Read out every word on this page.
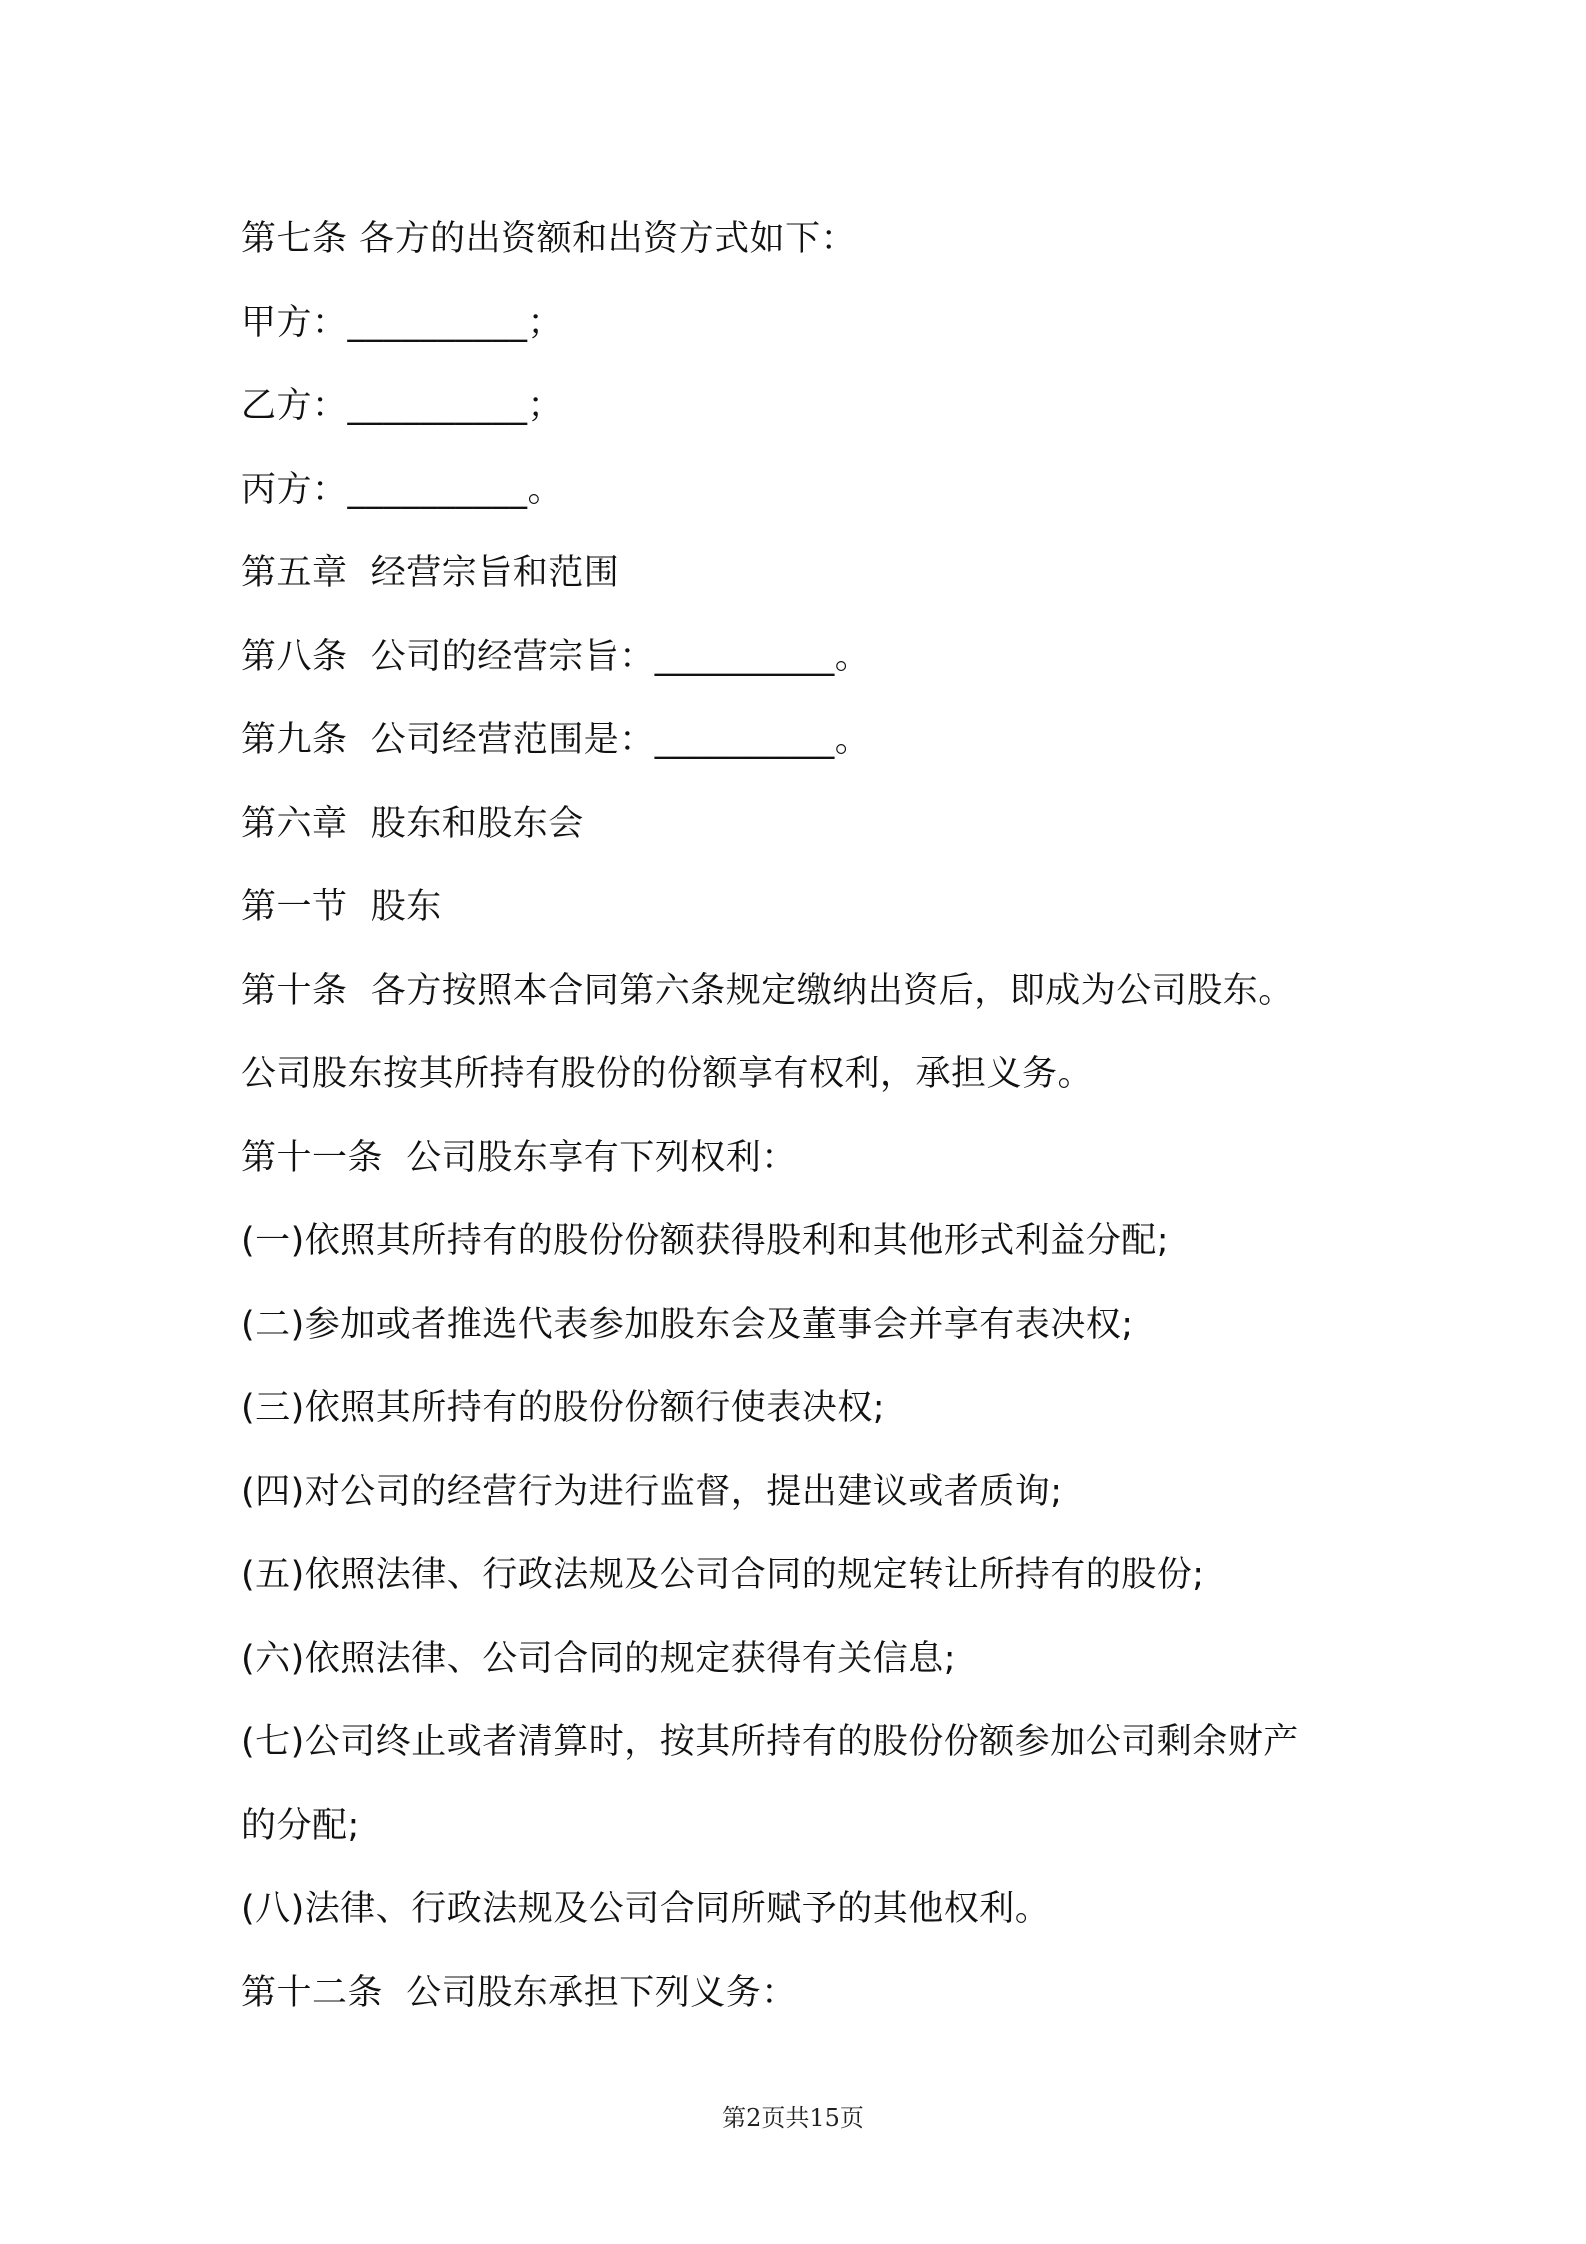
第七条 各方的出资额和出资方式如下：
甲方：__________；
乙方：__________；
丙方：__________。
第五章  经营宗旨和范围
第八条  公司的经营宗旨：__________。
第九条  公司经营范围是：__________。
第六章  股东和股东会
第一节  股东
第十条  各方按照本合同第六条规定缴纳出资后，即成为公司股东。
公司股东按其所持有股份的份额享有权利，承担义务。
第十一条  公司股东享有下列权利：
(一)依照其所持有的股份份额获得股利和其他形式利益分配;
(二)参加或者推选代表参加股东会及董事会并享有表决权;
(三)依照其所持有的股份份额行使表决权;
(四)对公司的经营行为进行监督，提出建议或者质询;
(五)依照法律、行政法规及公司合同的规定转让所持有的股份;
(六)依照法律、公司合同的规定获得有关信息;
(七)公司终止或者清算时，按其所持有的股份份额参加公司剩余财产
的分配;
(八)法律、行政法规及公司合同所赋予的其他权利。
第十二条  公司股东承担下列义务：
第2页共15页
